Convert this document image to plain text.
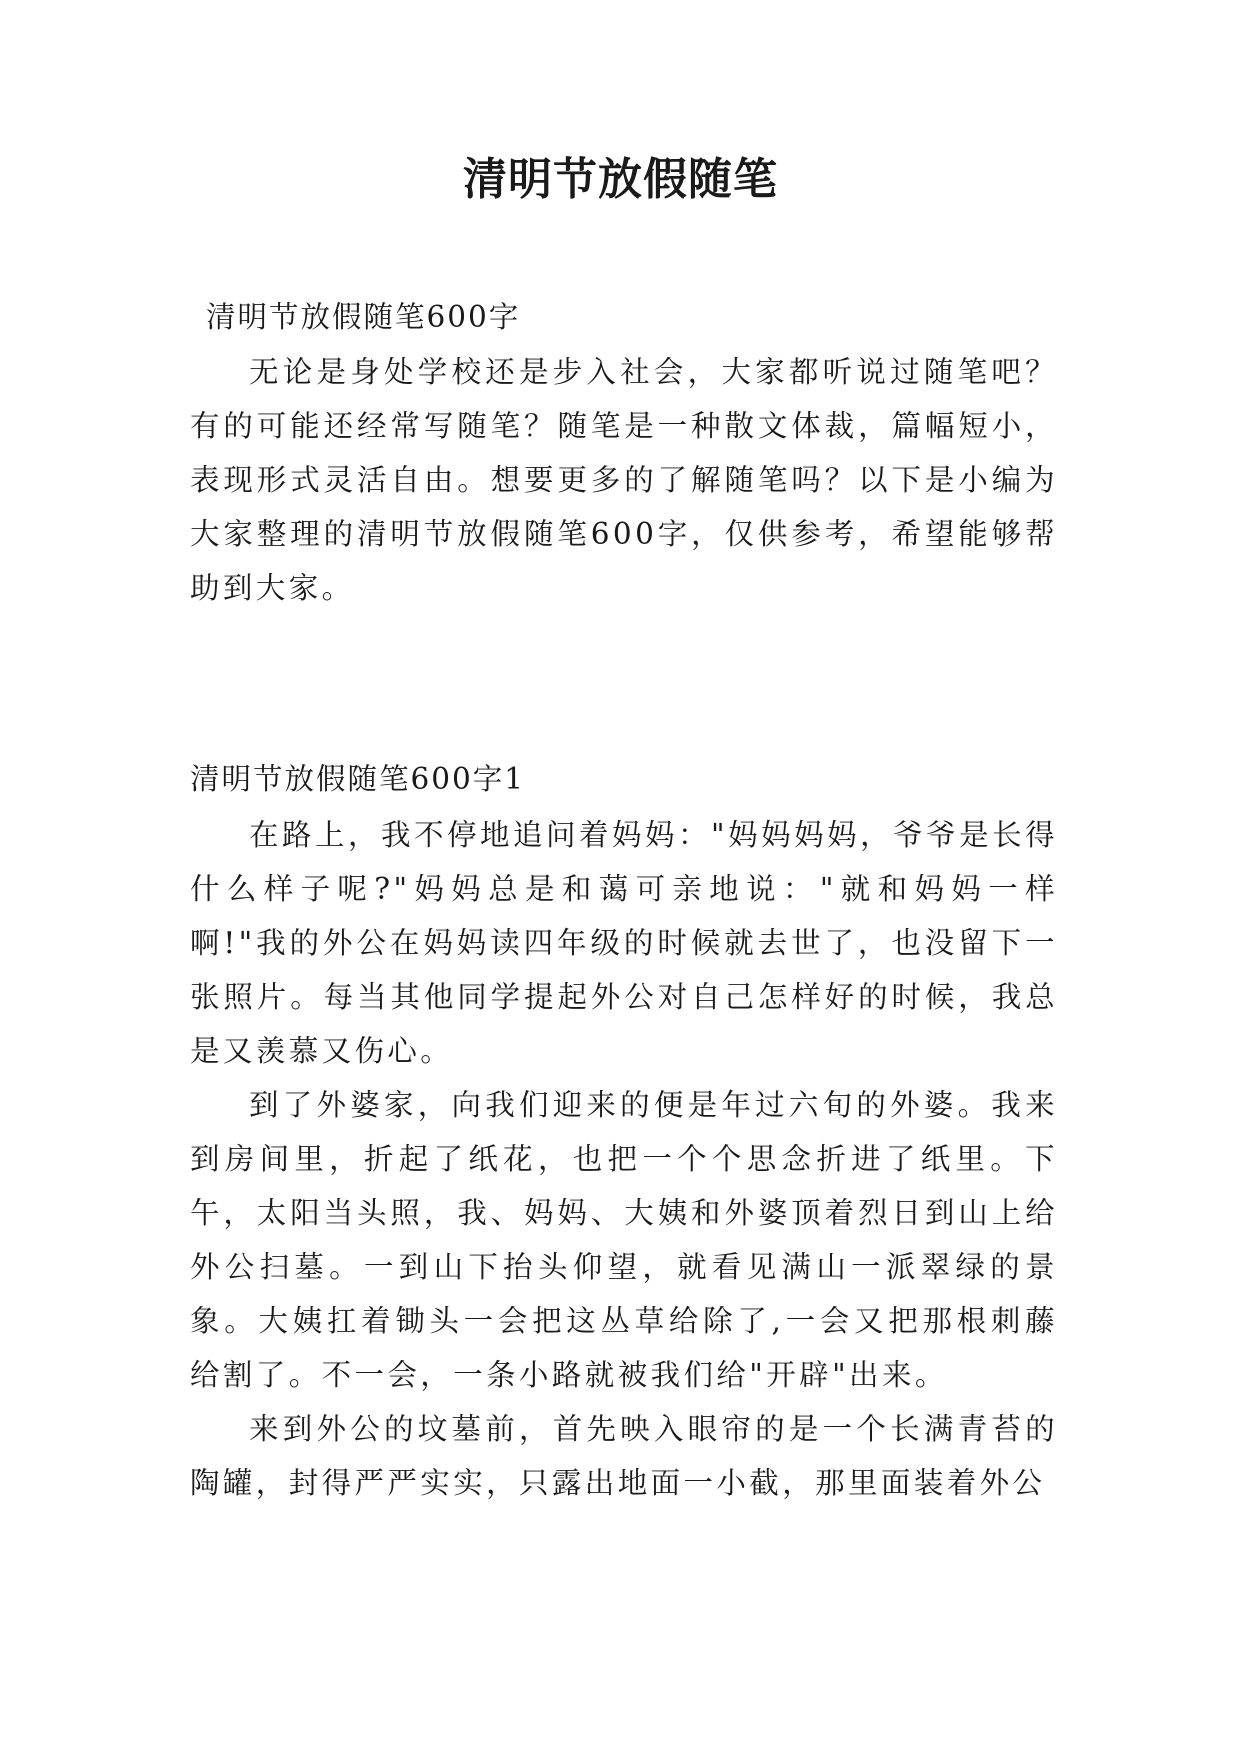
清明节放假随笔
清明节放假随笔600字

无论是身处学校还是步入社会，大家都听说过随笔吧？有的可能还经常写随笔？随笔是一种散文体裁，篇幅短小，表现形式灵活自由。想要更多的了解随笔吗？以下是小编为大家整理的清明节放假随笔600字，仅供参考，希望能够帮助到大家。

清明节放假随笔600字1

在路上，我不停地追问着妈妈："妈妈妈妈，爷爷是长得什么样子呢?"妈妈总是和蔼可亲地说："就和妈妈一样啊!"我的外公在妈妈读四年级的时候就去世了，也没留下一张照片。每当其他同学提起外公对自己怎样好的时候，我总是又羡慕又伤心。

到了外婆家，向我们迎来的便是年过六旬的外婆。我来到房间里，折起了纸花，也把一个个思念折进了纸里。下午，太阳当头照，我、妈妈、大姨和外婆顶着烈日到山上给外公扫墓。一到山下抬头仰望，就看见满山一派翠绿的景象。大姨扛着锄头一会把这丛草给除了,一会又把那根刺藤给割了。不一会，一条小路就被我们给"开辟"出来。

来到外公的坟墓前，首先映入眼帘的是一个长满青苔的陶罐，封得严严实实，只露出地面一小截，那里面装着外公
